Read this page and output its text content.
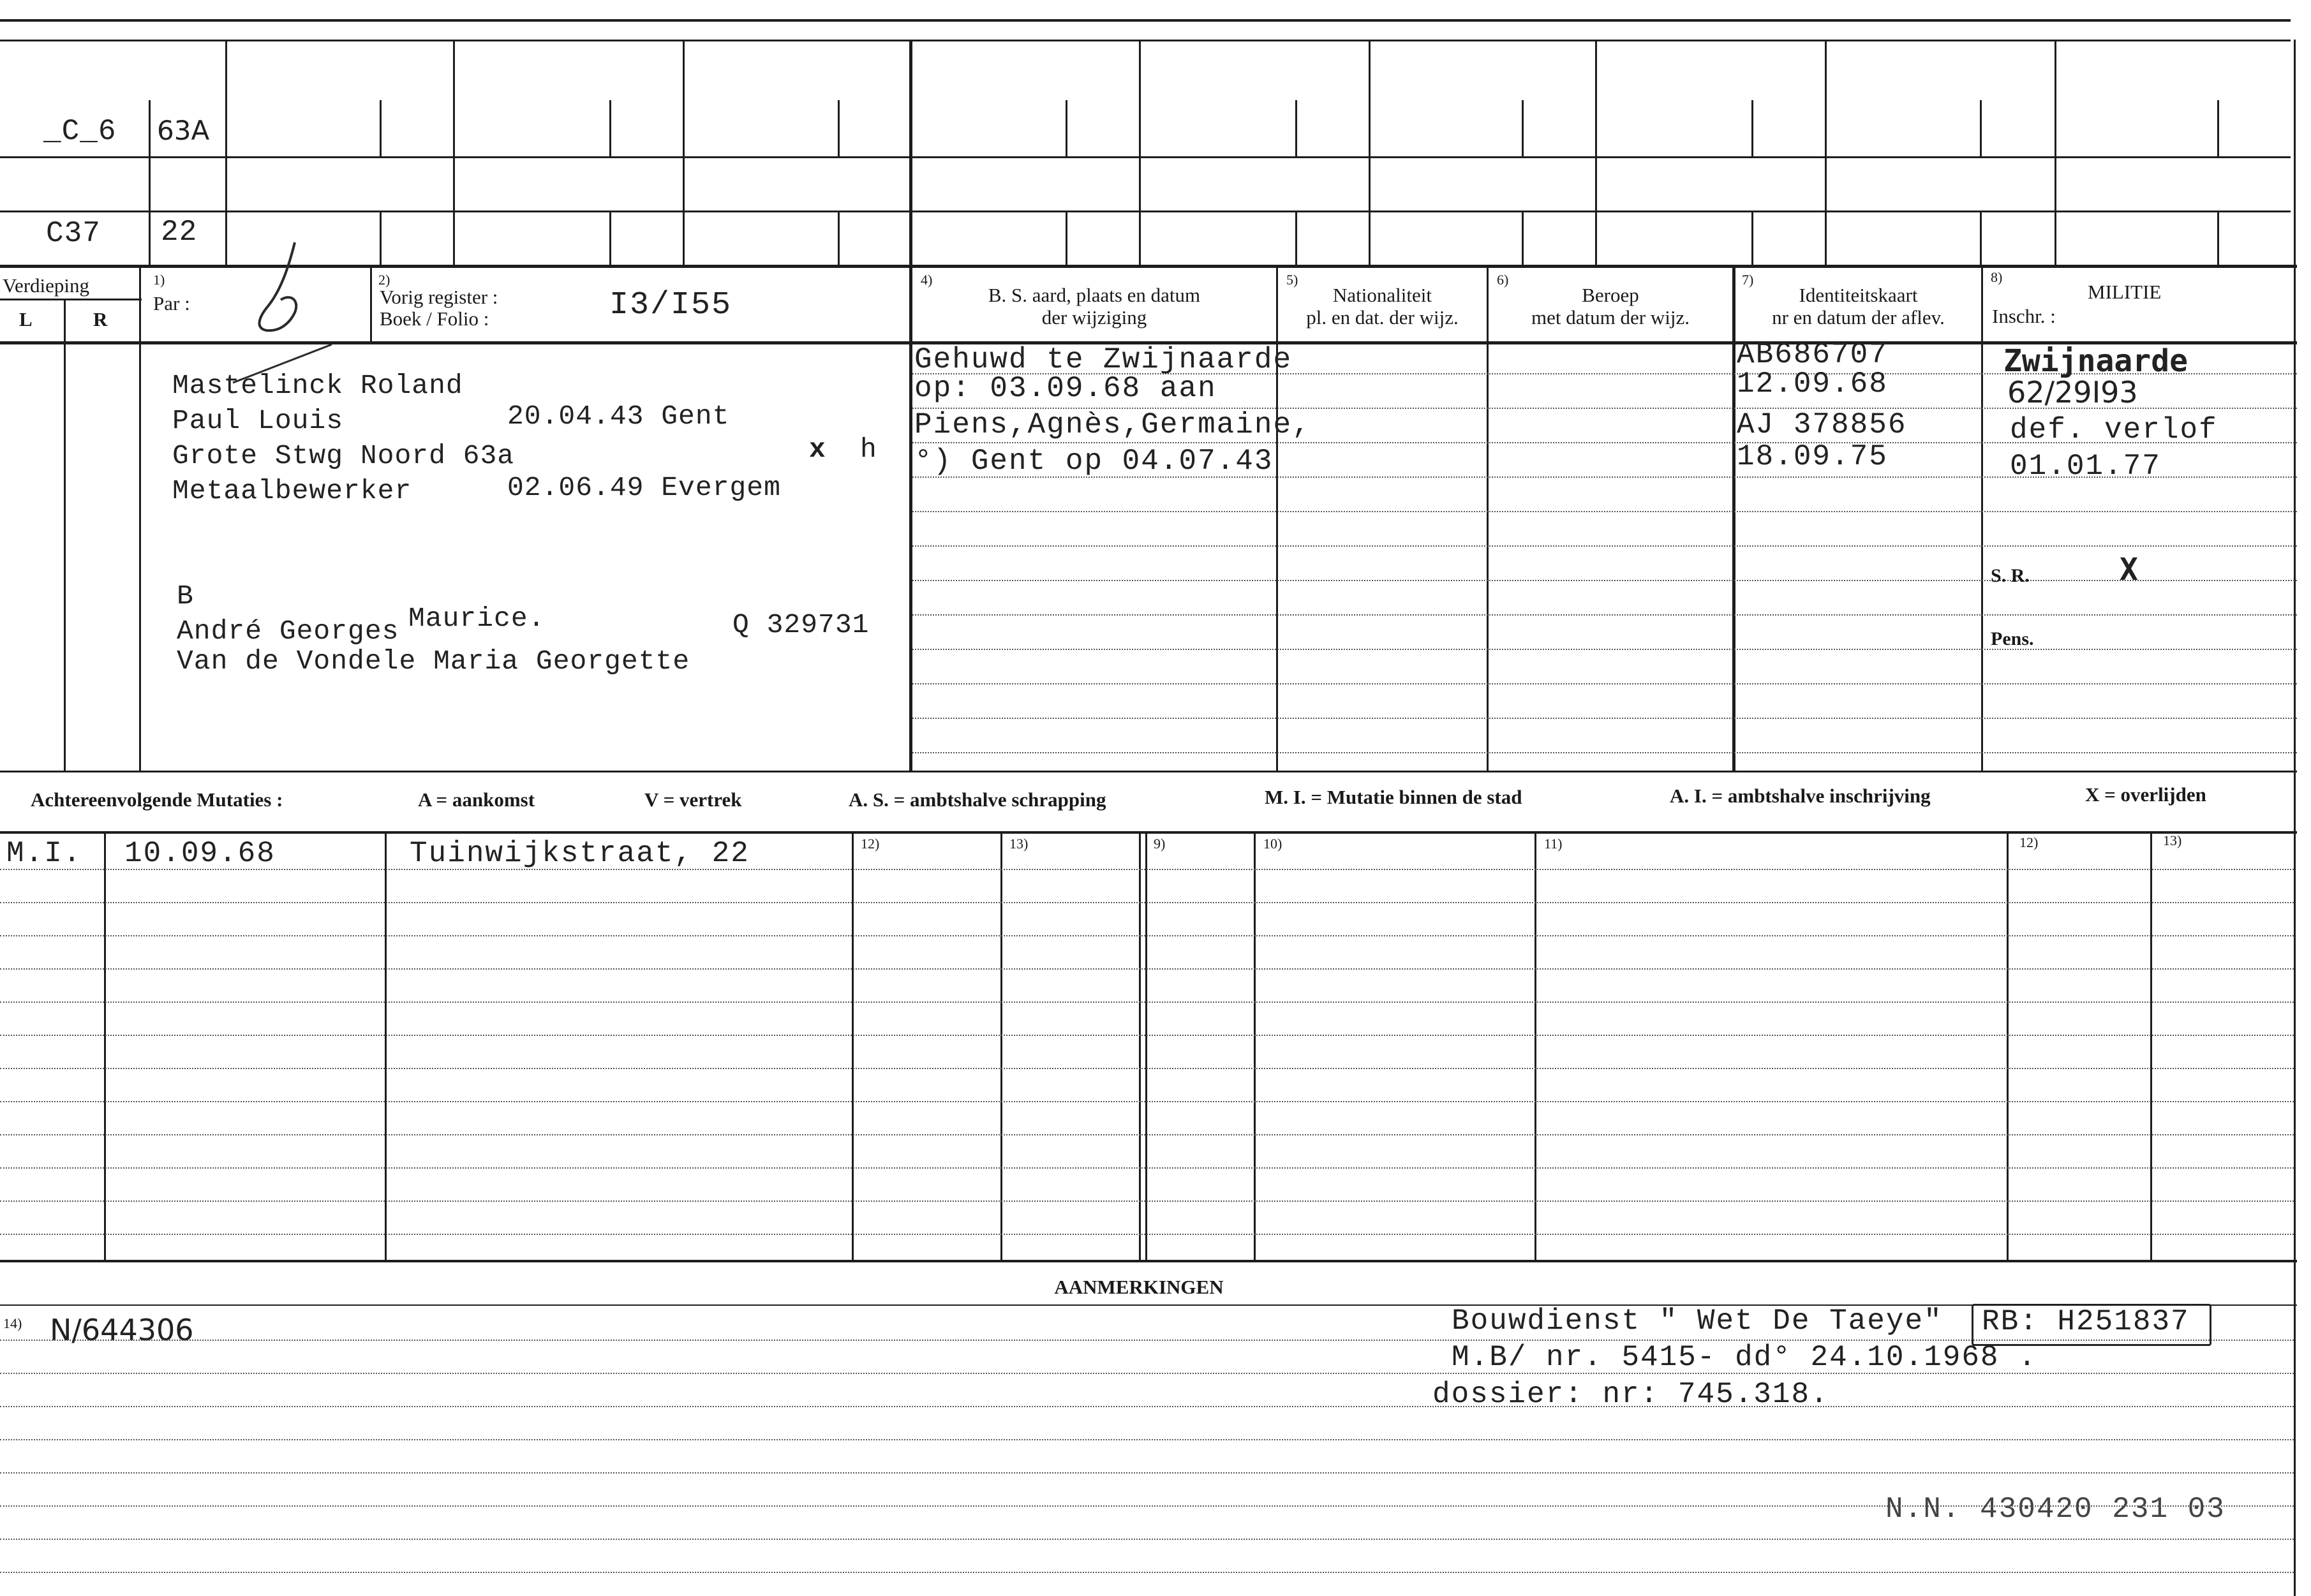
_C_6 63A
C37 22
Verdieping
L	R
1)
Par :
2)
Vorig register :
Boek / Folio :	I3/I55
4)
B. S. aard, plaats en datum
der wijziging
5)
Nationaliteit
pl. en dat. der wijz.
6)
Beroep
met datum der wijz.
7)
Identiteitskaart
nr en datum der aflev.
8)
MILITIE
Inschr. :
Mastelinck Roland
Paul Louis	20.04.43 Gent
Grote Stwg Noord 63a	x h
Metaalbewerker	02.06.49 Evergem
B
André Georges Maurice.	Q 329731
Van de Vondele Maria Georgette
Gehuwd te Zwijnaarde
op: 03.09.68 aan
Piens,Agnès,Germaine,
°) Gent op 04.07.43
AB686707
12.09.68
AJ 378856
18.09.75
Zwijnaarde
62/29I93
def. verlof
01.01.77
S. R.	X
Pens.
Achtereenvolgende Mutaties :	A = aankomst	V = vertrek	A. S. = ambtshalve schrapping	M. I. = Mutatie binnen de stad	A. I. = ambtshalve inschrijving	X = overlijden
12)	13)	9)	10)	11)	12)	13)
M.I. 10.09.68	Tuinwijkstraat, 22
AANMERKINGEN
14) N/644306	Bouwdienst " Wet De Taeye" RB: H251837
M.B/ nr. 5415- dd° 24.10.1968 .
dossier: nr: 745.318.
N.N. 430420 231 03
